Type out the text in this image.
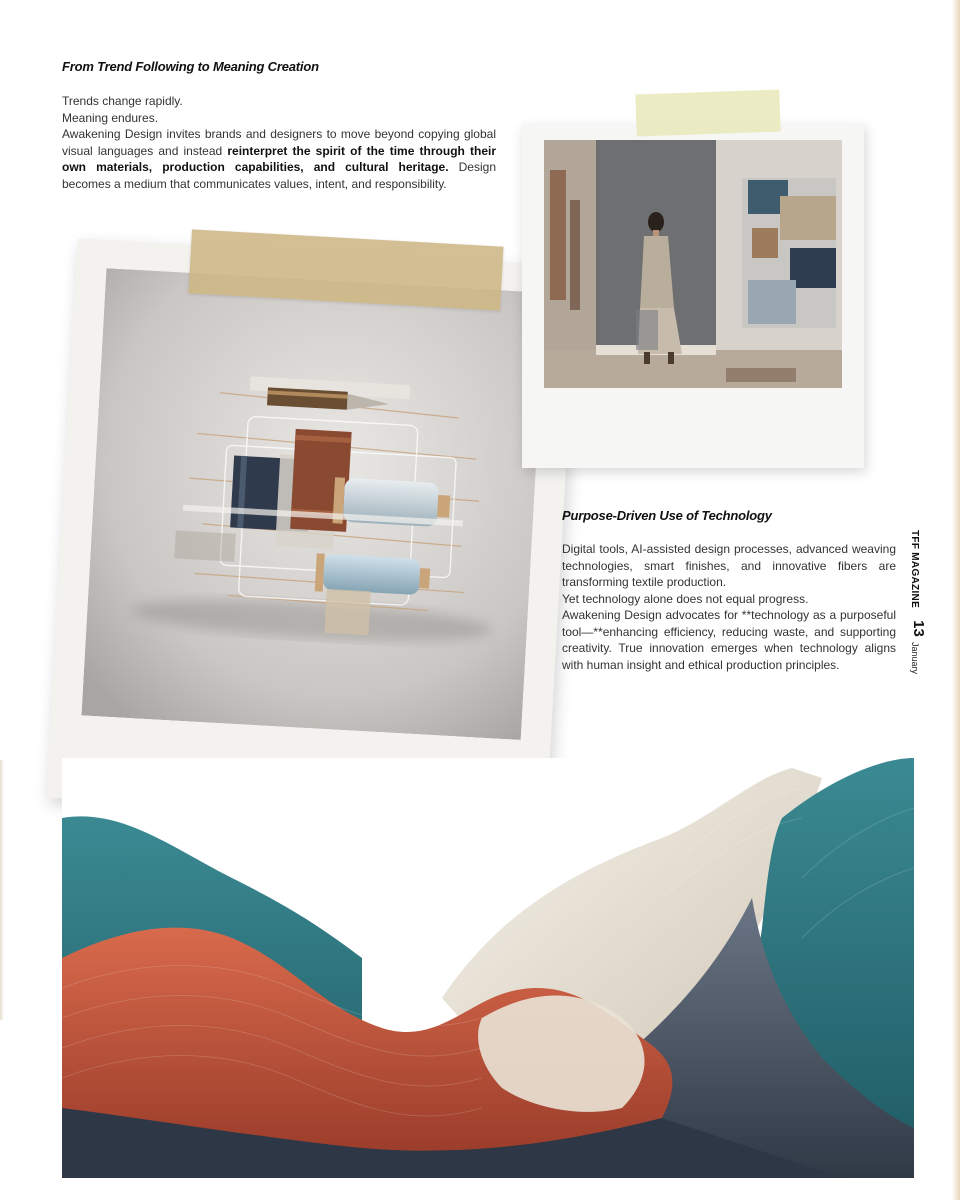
From Trend Following to Meaning Creation
Trends change rapidly.
Meaning endures.
Awakening Design invites brands and designers to move beyond copying global visual languages and instead reinterpret the spirit of the time through their own materials, production capabilities, and cultural heritage. Design becomes a medium that communicates values, intent, and responsibility.
Purpose-Driven Use of Technology
Digital tools, AI-assisted design processes, advanced weaving technologies, smart finishes, and innovative fibers are transforming textile production.
Yet technology alone does not equal progress.
Awakening Design advocates for **technology as a purposeful tool—**enhancing efficiency, reducing waste, and supporting creativity. True innovation emerges when technology aligns with human insight and ethical production principles.
TFF MAGAZINE
13
January
